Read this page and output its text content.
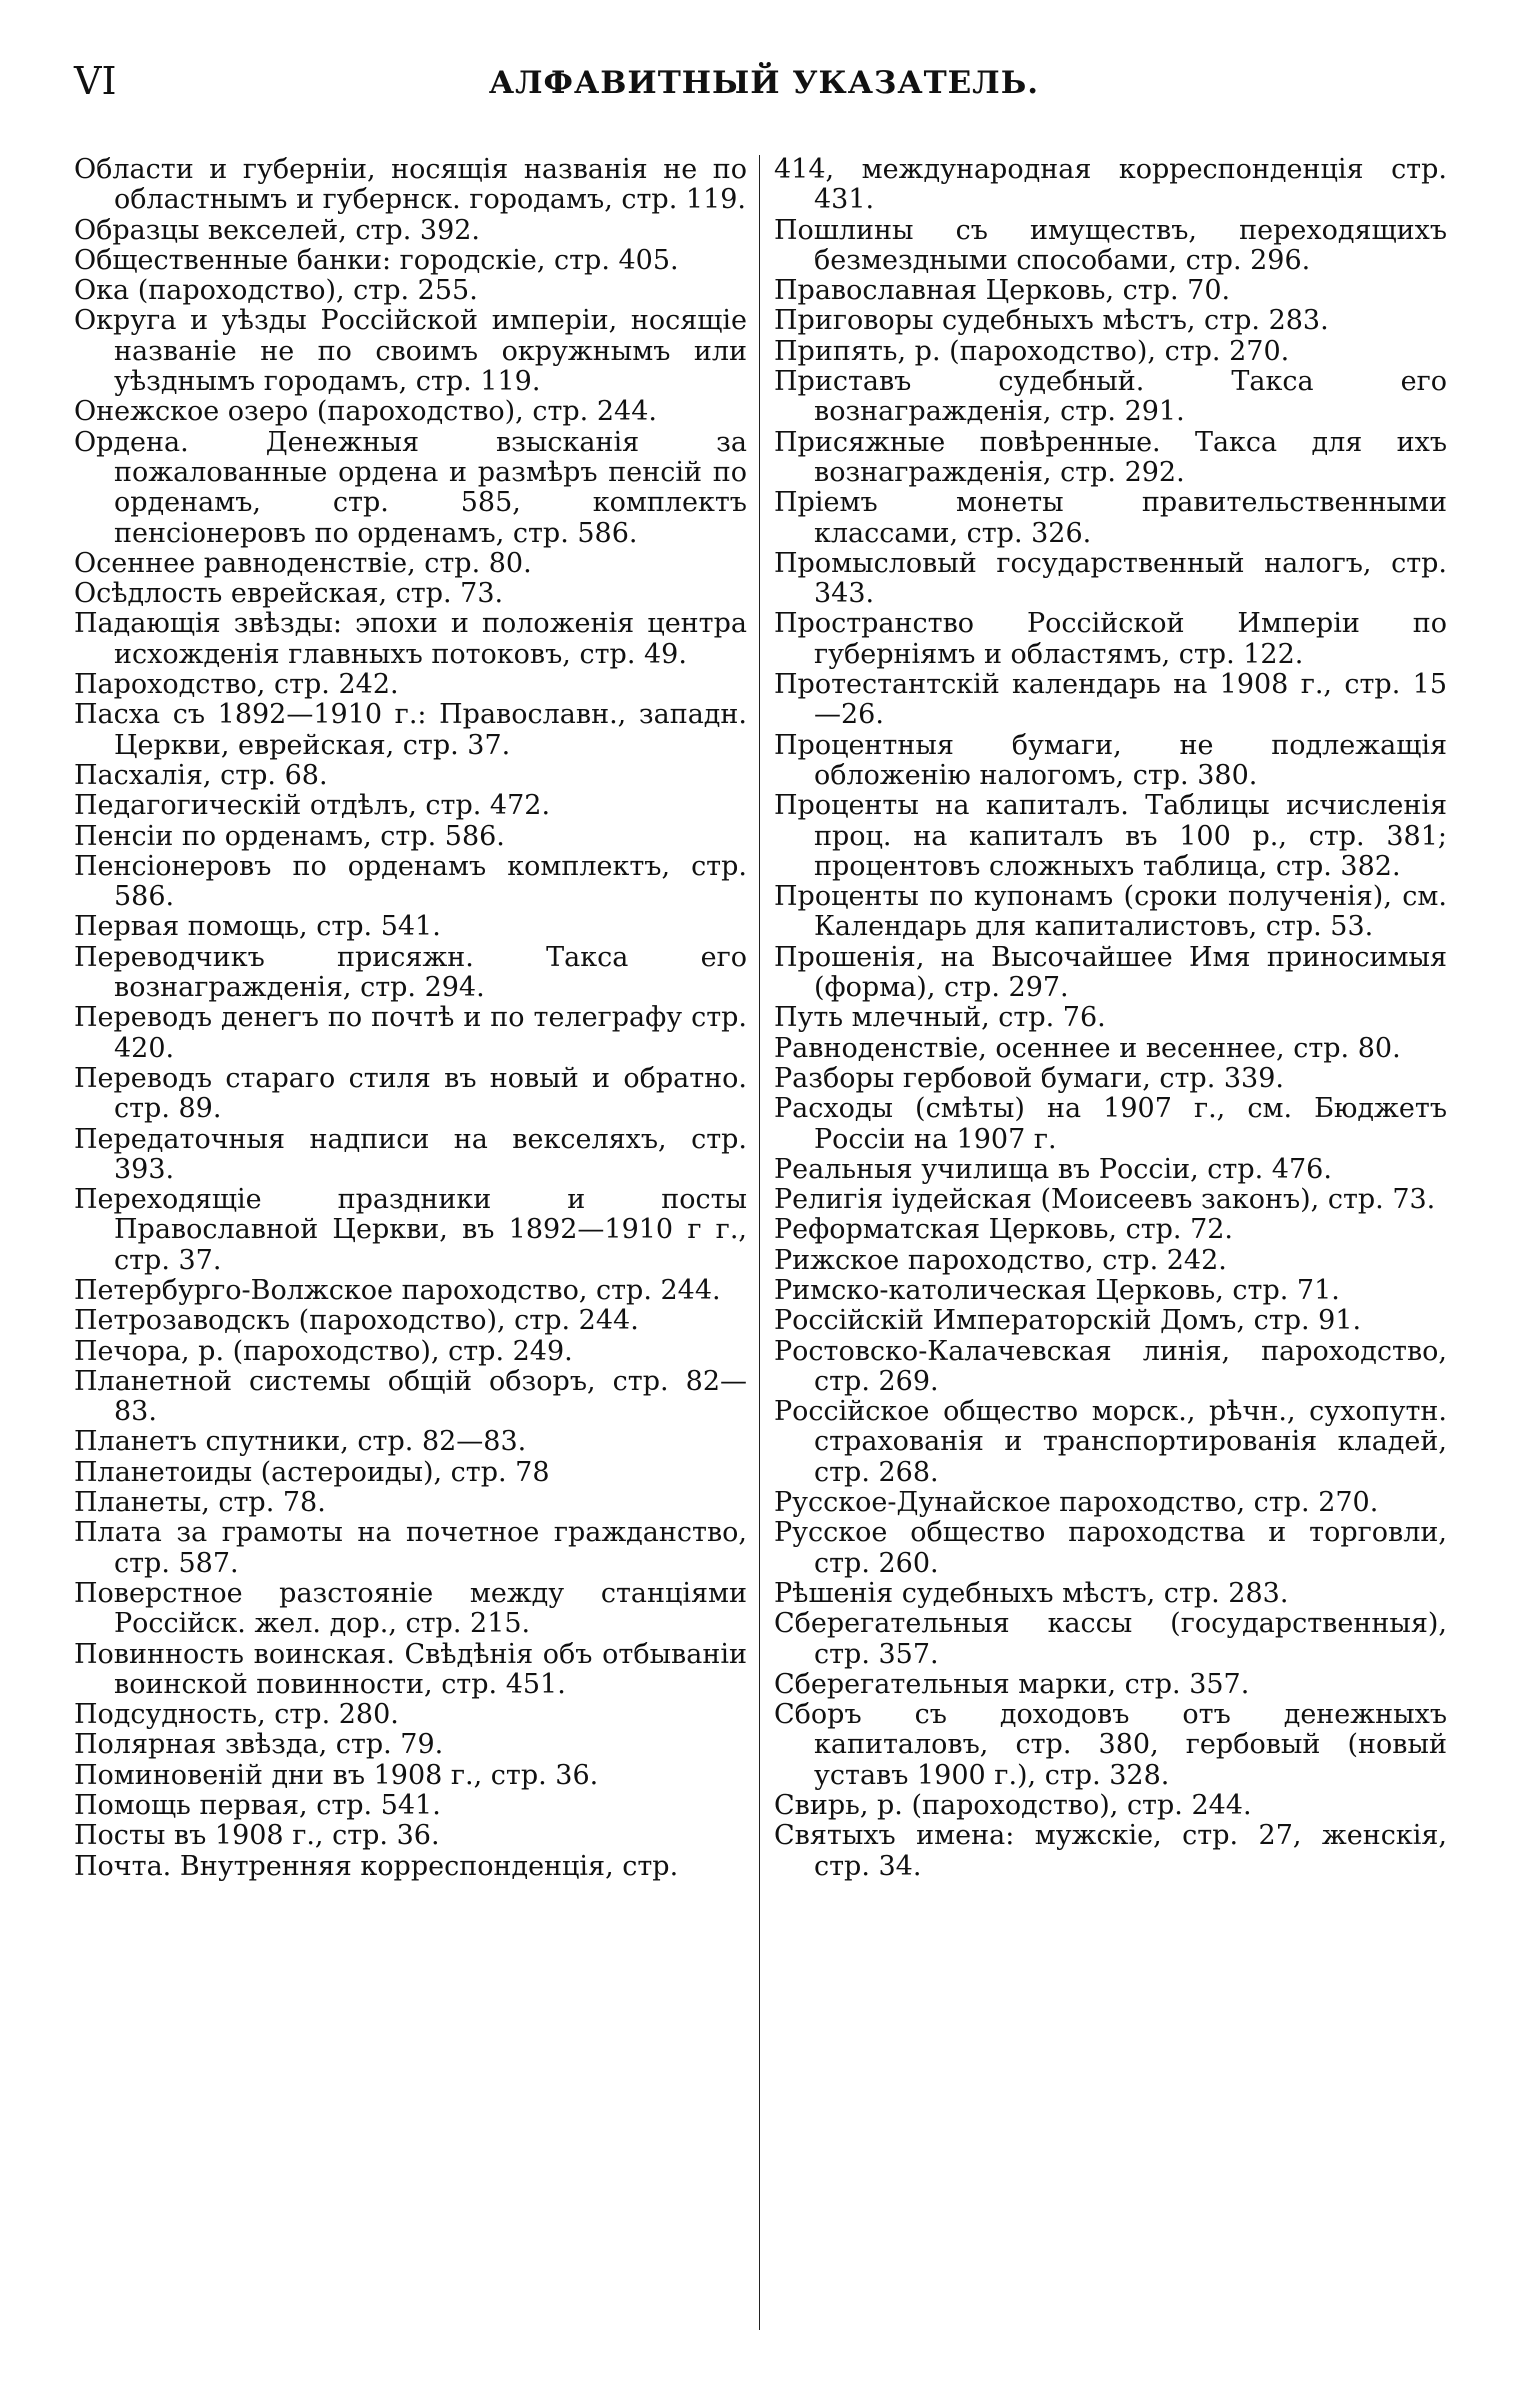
VI	АЛФАВИТНЫЙ УКАЗАТЕЛЬ.

Области и губерніи, носящія названія не по областнымъ и губернск. городамъ, стр. 119.

Образцы векселей, стр. 392.

Общественные банки: городскіе, стр. 405.

Ока (пароходство), стр. 255.

Округа и уѣзды Россійской имперіи, носящіе названіе не по своимъ окружнымъ или уѣзднымъ городамъ, стр. 119.

Онежское озеро (пароходство), стр. 244.

Ордена. Денежныя взысканія за пожалованные ордена и размѣръ пенсій по орденамъ, стр. 585, комплектъ пенсіонеровъ по орденамъ, стр. 586.

Осеннее равноденствіе, стр. 80.

Осѣдлость еврейская, стр. 73.

Падающія звѣзды: эпохи и положенія центра исхожденія главныхъ потоковъ, стр. 49.

Пароходство, стр. 242.

Пасха съ 1892—1910 г.: Православн., западн. Церкви, еврейская, стр. 37.

Пасхалія, стр. 68.

Педагогическій отдѣлъ, стр. 472.

Пенсіи по орденамъ, стр. 586.

Пенсіонеровъ по орденамъ комплектъ, стр. 586.

Первая помощь, стр. 541.

Переводчикъ присяжн. Такса его вознагражденія, стр. 294.

Переводъ денегъ по почтѣ и по телеграфу стр. 420.

Переводъ стараго стиля въ новый и обратно. стр. 89.

Передаточныя надписи на векселяхъ, стр. 393.

Переходящіе праздники и посты Православной Церкви, въ 1892—1910 г г., стр. 37.

Петербурго-Волжское пароходство, стр. 244.

Петрозаводскъ (пароходство), стр. 244.

Печора, р. (пароходство), стр. 249.

Планетной системы общій обзоръ, стр. 82—83.

Планетъ спутники, стр. 82—83.

Планетоиды (астероиды), стр. 78

Планеты, стр. 78.

Плата за грамоты на почетное гражданство, стр. 587.

Поверстное разстояніе между станціями Россійск. жел. дор., стр. 215.

Повинность воинская. Свѣдѣнія объ отбываніи воинской повинности, стр. 451.

Подсудность, стр. 280.

Полярная звѣзда, стр. 79.

Поминовеній дни въ 1908 г., стр. 36.

Помощь первая, стр. 541.

Посты въ 1908 г., стр. 36.

Почта. Внутренняя корреспонденція, стр.

414, международная корреспонденція стр. 431.

Пошлины съ имуществъ, переходящихъ безмездными способами, стр. 296.

Православная Церковь, стр. 70.

Приговоры судебныхъ мѣстъ, стр. 283.

Припять, р. (пароходство), стр. 270.

Приставъ судебный. Такса его вознагражденія, стр. 291.

Присяжные повѣренные. Такса для ихъ вознагражденія, стр. 292.

Пріемъ монеты правительственными классами, стр. 326.

Промысловый государственный налогъ, стр. 343.

Пространство Россійской Имперіи по губерніямъ и областямъ, стр. 122.

Протестантскій календарь на 1908 г., стр. 15—26.

Процентныя бумаги, не подлежащія обложенію налогомъ, стр. 380.

Проценты на капиталъ. Таблицы исчисленія проц. на капиталъ въ 100 р., стр. 381; процентовъ сложныхъ таблица, стр. 382.

Проценты по купонамъ (сроки полученія), см. Календарь для капиталистовъ, стр. 53.

Прошенія, на Высочайшее Имя приносимыя (форма), стр. 297.

Путь млечный, стр. 76.

Равноденствіе, осеннее и весеннее, стр. 80.

Разборы гербовой бумаги, стр. 339.

Расходы (смѣты) на 1907 г., см. Бюджетъ Россіи на 1907 г.

Реальныя училища въ Россіи, стр. 476.

Религія іудейская (Моисеевъ законъ), стр. 73.

Реформатская Церковь, стр. 72.

Рижское пароходство, стр. 242.

Римско-католическая Церковь, стр. 71.

Россійскій Императорскій Домъ, стр. 91.

Ростовско-Калачевская линія, пароходство, стр. 269.

Россійское общество морск., рѣчн., сухопутн. страхованія и транспортированія кладей, стр. 268.

Русское-Дунайское пароходство, стр. 270.

Русское общество пароходства и торговли, стр. 260.

Рѣшенія судебныхъ мѣстъ, стр. 283.

Сберегательныя кассы (государственныя), стр. 357.

Сберегательныя марки, стр. 357.

Сборъ съ доходовъ отъ денежныхъ капиталовъ, стр. 380, гербовый (новый уставъ 1900 г.), стр. 328.

Свирь, р. (пароходство), стр. 244.

Святыхъ имена: мужскіе, стр. 27, женскія, стр. 34.
